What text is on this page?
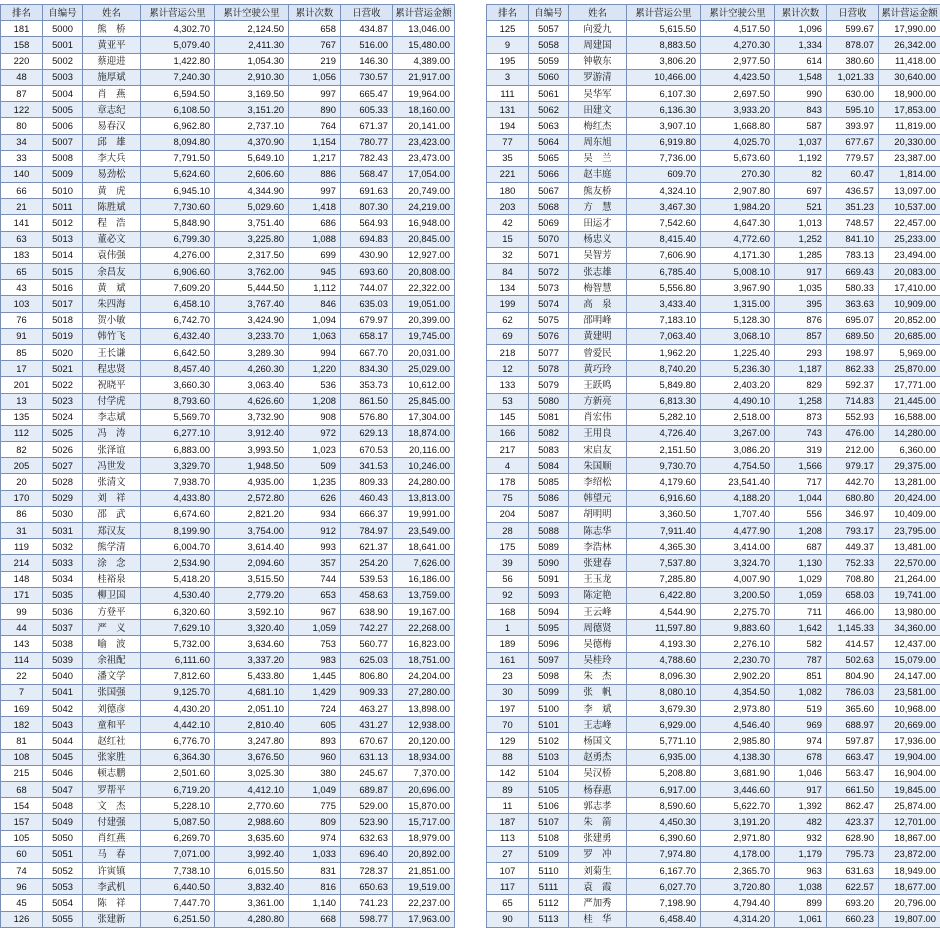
排名	自编号	姓名	累计营运公里	累计空驶公里	累计次数	日营收	累计营运金额
181	5000	熊　桥	4,302.70	2,124.50	658	434.87	13,046.00
158	5001	黄亚平	5,079.40	2,411.30	767	516.00	15,480.00
220	5002	蔡迎进	1,422.80	1,054.30	219	146.30	4,389.00
48	5003	施厚斌	7,240.30	2,910.30	1,056	730.57	21,917.00
87	5004	肖　燕	6,594.50	3,169.50	997	665.47	19,964.00
122	5005	章志纪	6,108.50	3,151.20	890	605.33	18,160.00
80	5006	易春汉	6,962.80	2,737.10	764	671.37	20,141.00
34	5007	邱　雄	8,094.80	4,370.90	1,154	780.77	23,423.00
33	5008	李大兵	7,791.50	5,649.10	1,217	782.43	23,473.00
140	5009	易劲松	5,624.60	2,606.60	886	568.47	17,054.00
66	5010	黄　虎	6,945.10	4,344.90	997	691.63	20,749.00
21	5011	陈胜斌	7,730.60	5,029.60	1,418	807.30	24,219.00
141	5012	程　浩	5,848.90	3,751.40	686	564.93	16,948.00
63	5013	董必文	6,799.30	3,225.80	1,088	694.83	20,845.00
183	5014	袁伟强	4,276.00	2,317.50	699	430.90	12,927.00
65	5015	余昌友	6,906.60	3,762.00	945	693.60	20,808.00
43	5016	黄　斌	7,609.20	5,444.50	1,112	744.07	22,322.00
103	5017	朱四海	6,458.10	3,767.40	846	635.03	19,051.00
76	5018	贺小敏	6,742.70	3,424.90	1,094	679.97	20,399.00
91	5019	韩竹飞	6,432.40	3,233.70	1,063	658.17	19,745.00
85	5020	王长谦	6,642.50	3,289.30	994	667.70	20,031.00
17	5021	程忠贤	8,457.40	4,260.30	1,220	834.30	25,029.00
201	5022	祝晓平	3,660.30	3,063.40	536	353.73	10,612.00
13	5023	付学虎	8,793.60	4,626.60	1,208	861.50	25,845.00
135	5024	李志斌	5,569.70	3,732.90	908	576.80	17,304.00
112	5025	冯　涛	6,277.10	3,912.40	972	629.13	18,874.00
82	5026	张泽谊	6,883.00	3,993.50	1,023	670.53	20,116.00
205	5027	冯世发	3,329.70	1,948.50	509	341.53	10,246.00
20	5028	张清文	7,938.70	4,935.00	1,235	809.33	24,280.00
170	5029	刘　祥	4,433.80	2,572.80	626	460.43	13,813.00
86	5030	邵　武	6,674.60	2,821.20	934	666.37	19,991.00
31	5031	郑汉友	8,199.90	3,754.00	912	784.97	23,549.00
119	5032	熊学清	6,004.70	3,614.40	993	621.37	18,641.00
214	5033	涂　念	2,534.90	2,094.60	357	254.20	7,626.00
148	5034	桂裕泉	5,418.20	3,515.50	744	539.53	16,186.00
171	5035	柳卫国	4,530.40	2,779.20	653	458.63	13,759.00
99	5036	方登平	6,320.60	3,592.10	967	638.90	19,167.00
44	5037	严　义	7,629.10	3,320.40	1,059	742.27	22,268.00
143	5038	喻　波	5,732.00	3,634.60	753	560.77	16,823.00
114	5039	余祖配	6,111.60	3,337.20	983	625.03	18,751.00
22	5040	潘文学	7,812.60	5,433.80	1,445	806.80	24,204.00
7	5041	张国强	9,125.70	4,681.10	1,429	909.33	27,280.00
169	5042	刘德彦	4,430.20	2,051.10	724	463.27	13,898.00
182	5043	童和平	4,442.10	2,810.40	605	431.27	12,938.00
81	5044	赵红社	6,776.70	3,247.80	893	670.67	20,120.00
108	5045	张家胜	6,364.30	3,676.50	960	631.13	18,934.00
215	5046	顿志鹏	2,501.60	3,025.30	380	245.67	7,370.00
68	5047	罗帮平	6,719.20	4,412.10	1,049	689.87	20,696.00
154	5048	文　杰	5,228.10	2,770.60	775	529.00	15,870.00
157	5049	付建强	5,087.50	2,988.60	809	523.90	15,717.00
105	5050	肖红燕	6,269.70	3,635.60	974	632.63	18,979.00
60	5051	马　春	7,071.00	3,992.40	1,033	696.40	20,892.00
74	5052	许寅镇	7,738.10	6,015.50	831	728.37	21,851.00
96	5053	李武机	6,440.50	3,832.40	816	650.63	19,519.00
45	5054	陈　祥	7,447.70	3,361.00	1,140	741.23	22,237.00
126	5055	张建新	6,251.50	4,280.80	668	598.77	17,963.00
排名	自编号	姓名	累计营运公里	累计空驶公里	累计次数	日营收	累计营运金额
125	5057	向爱九	5,615.50	4,517.50	1,096	599.67	17,990.00
9	5058	周建国	8,883.50	4,270.30	1,334	878.07	26,342.00
195	5059	钟敬东	3,806.20	2,977.50	614	380.60	11,418.00
3	5060	罗游清	10,466.00	4,423.50	1,548	1,021.33	30,640.00
111	5061	吴华军	6,107.30	2,697.50	990	630.00	18,900.00
131	5062	田建文	6,136.30	3,933.20	843	595.10	17,853.00
194	5063	梅红杰	3,907.10	1,668.80	587	393.97	11,819.00
77	5064	周东旭	6,919.80	4,025.70	1,037	677.67	20,330.00
35	5065	吴　兰	7,736.00	5,673.60	1,192	779.57	23,387.00
221	5066	赵丰庭	609.70	270.30	82	60.47	1,814.00
180	5067	熊友桥	4,324.10	2,907.80	697	436.57	13,097.00
203	5068	方　慧	3,467.30	1,984.20	521	351.23	10,537.00
42	5069	田运才	7,542.60	4,647.30	1,013	748.57	22,457.00
15	5070	杨忠义	8,415.40	4,772.60	1,252	841.10	25,233.00
32	5071	吴智芳	7,606.90	4,171.30	1,285	783.13	23,494.00
84	5072	张志雄	6,785.40	5,008.10	917	669.43	20,083.00
134	5073	梅智慧	5,556.80	3,967.90	1,035	580.33	17,410.00
199	5074	高　泉	3,433.40	1,315.00	395	363.63	10,909.00
62	5075	邵明峰	7,183.10	5,128.30	876	695.07	20,852.00
69	5076	黄建明	7,063.40	3,068.10	857	689.50	20,685.00
218	5077	曾爱民	1,962.20	1,225.40	293	198.97	5,969.00
12	5078	黄巧玲	8,740.20	5,236.30	1,187	862.33	25,870.00
133	5079	王跃鸣	5,849.80	2,403.20	829	592.37	17,771.00
53	5080	方新亮	6,813.30	4,490.10	1,258	714.83	21,445.00
145	5081	肖宏伟	5,282.10	2,518.00	873	552.93	16,588.00
166	5082	王用良	4,726.40	3,267.00	743	476.00	14,280.00
217	5083	宋启友	2,151.50	3,086.20	319	212.00	6,360.00
4	5084	朱国顺	9,730.70	4,754.50	1,566	979.17	29,375.00
178	5085	李绍松	4,179.60	23,541.40	717	442.70	13,281.00
75	5086	韩望元	6,916.60	4,188.20	1,044	680.80	20,424.00
204	5087	胡明明	3,360.50	1,707.40	556	346.97	10,409.00
28	5088	陈志华	7,911.40	4,477.90	1,208	793.17	23,795.00
175	5089	李浩林	4,365.30	3,414.00	687	449.37	13,481.00
39	5090	张建春	7,537.80	3,324.70	1,130	752.33	22,570.00
56	5091	王玉龙	7,285.80	4,007.90	1,029	708.80	21,264.00
92	5093	陈定艳	6,422.80	3,200.50	1,059	658.03	19,741.00
168	5094	王云峰	4,544.90	2,275.70	711	466.00	13,980.00
1	5095	周德贤	11,597.80	9,883.60	1,642	1,145.33	34,360.00
189	5096	吴德梅	4,193.30	2,276.10	582	414.57	12,437.00
161	5097	吴桂玲	4,788.60	2,230.70	787	502.63	15,079.00
23	5098	朱　杰	8,096.30	2,902.20	851	804.90	24,147.00
30	5099	张　帆	8,080.10	4,354.50	1,082	786.03	23,581.00
197	5100	李　斌	3,679.30	2,973.80	519	365.60	10,968.00
70	5101	王志峰	6,929.00	4,546.40	969	688.97	20,669.00
129	5102	杨国文	5,771.10	2,985.80	974	597.87	17,936.00
88	5103	赵勇杰	6,935.00	4,138.30	678	663.47	19,904.00
142	5104	吴汉桥	5,208.80	3,681.90	1,046	563.47	16,904.00
89	5105	杨春惠	6,917.00	3,446.60	917	661.50	19,845.00
11	5106	郭志孝	8,590.60	5,622.70	1,392	862.47	25,874.00
187	5107	朱　箭	4,450.30	3,191.20	482	423.37	12,701.00
113	5108	张建勇	6,390.60	2,971.80	932	628.90	18,867.00
27	5109	罗　冲	7,974.80	4,178.00	1,179	795.73	23,872.00
107	5110	刘菊生	6,167.70	2,365.70	963	631.63	18,949.00
117	5111	袁　霞	6,027.70	3,720.80	1,038	622.57	18,677.00
65	5112	严加秀	7,198.90	4,794.40	899	693.20	20,796.00
90	5113	桂　华	6,458.40	4,314.20	1,061	660.23	19,807.00
